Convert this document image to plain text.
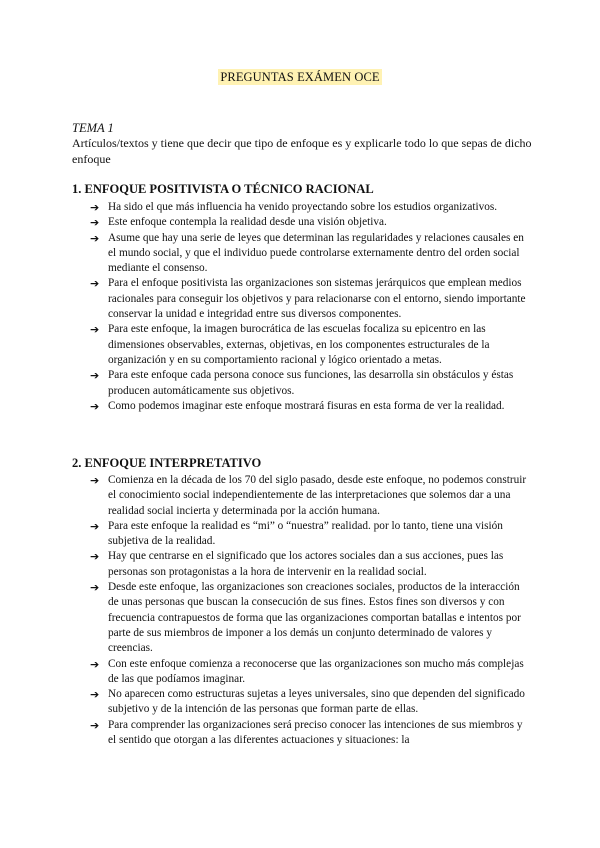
PREGUNTAS EXÁMEN OCE
TEMA 1
Artículos/textos y tiene que decir que tipo de enfoque es y explicarle todo lo que sepas de dicho enfoque
1. ENFOQUE POSITIVISTA O TÉCNICO RACIONAL
➔ Ha sido el que más influencia ha venido proyectando sobre los estudios organizativos.
➔ Este enfoque contempla la realidad desde una visión objetiva.
➔ Asume que hay una serie de leyes que determinan las regularidades y relaciones causales en el mundo social, y que el individuo puede controlarse externamente dentro del orden social mediante el consenso.
➔ Para el enfoque positivista las organizaciones son sistemas jerárquicos que emplean medios racionales para conseguir los objetivos y para relacionarse con el entorno, siendo importante conservar la unidad e integridad entre sus diversos componentes.
➔ Para este enfoque, la imagen burocrática de las escuelas focaliza su epicentro en las dimensiones observables, externas, objetivas, en los componentes estructurales de la organización y en su comportamiento racional y lógico orientado a metas.
➔ Para este enfoque cada persona conoce sus funciones, las desarrolla sin obstáculos y éstas producen automáticamente sus objetivos.
➔ Como podemos imaginar este enfoque mostrará fisuras en esta forma de ver la realidad.
2. ENFOQUE INTERPRETATIVO
➔ Comienza en la década de los 70 del siglo pasado, desde este enfoque, no podemos construir el conocimiento social independientemente de las interpretaciones que solemos dar a una realidad social incierta y determinada por la acción humana.
➔ Para este enfoque la realidad es “mi” o “nuestra” realidad. por lo tanto, tiene una visión subjetiva de la realidad.
➔ Hay que centrarse en el significado que los actores sociales dan a sus acciones, pues las personas son protagonistas a la hora de intervenir en la realidad social.
➔ Desde este enfoque, las organizaciones son creaciones sociales, productos de la interacción de unas personas que buscan la consecución de sus fines. Estos fines son diversos y con frecuencia contrapuestos de forma que las organizaciones comportan batallas e intentos por parte de sus miembros de imponer a los demás un conjunto determinado de valores y creencias.
➔ Con este enfoque comienza a reconocerse que las organizaciones son mucho más complejas de las que podíamos imaginar.
➔ No aparecen como estructuras sujetas a leyes universales, sino que dependen del significado subjetivo y de la intención de las personas que forman parte de ellas.
➔ Para comprender las organizaciones será preciso conocer las intenciones de sus miembros y el sentido que otorgan a las diferentes actuaciones y situaciones: la
